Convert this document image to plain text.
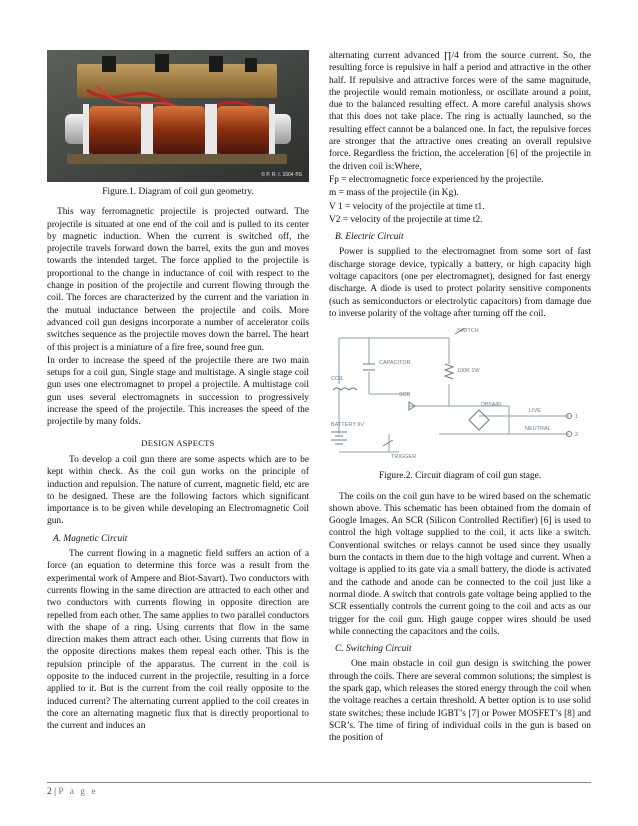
© P. R. I. 1604 ®S
Figure.1. Diagram of coil gun geometry.

This way ferromagnetic projectile is projected outward. The projectile is situated at one end of the coil and is pulled to its center by magnetic induction. When the current is switched off, the projectile travels forward down the barrel, exits the gun and moves towards the intended target. The force applied to the projectile is proportional to the change in inductance of coil with respect to the change in position of the projectile and current flowing through the coil. The forces are characterized by the current and the variation in the mutual inductance between the projectile and coils. More advanced coil gun designs incorporate a number of accelerator coils switches sequence as the projectile moves down the barrel. The heart of this project is a miniature of a fire free, sound free gun.

In order to increase the speed of the projectile there are two main setups for a coil gun, Single stage and multistage. A single stage coil gun uses one electromagnet to propel a projectile. A multistage coil gun uses several electromagnets in succession to progressively increase the speed of the projectile. This increases the speed of the projectile by many folds.

DESIGN ASPECTS

To develop a coil gun there are some aspects which are to be kept within check. As the coil gun works on the principle of induction and repulsion. The nature of current, magnetic field, etc are to be designed. These are the following factors which significant importance is to be given while developing an Electromagnetic Coil gun.

A. Magnetic Circuit

The current flowing in a magnetic field suffers an action of a force (an equation to determine this force was a result from the experimental work of Ampere and Biot-Savart). Two conductors with currents flowing in the same direction are attracted to each other and two conductors with currents flowing in opposite direction are repelled from each other. The same applies to two parallel conductors with the shape of a ring. Using currents that flow in the same direction makes them attract each other. Using currents that flow in the opposite directions makes them repeal each other. This is the repulsion principle of the apparatus. The current in the coil is opposite to the induced current in the projectile, resulting in a force applied to it. But is the current from the coil really opposite to the induced current? The alternating current applied to the coil creates in the core an alternating magnetic flux that is directly proportional to the current and induces an

alternating current advanced ∏/4 from the source current. So, the resulting force is repulsive in half a period and attractive in the other half. If repulsive and attractive forces were of the same magnitude, the projectile would remain motionless, or oscillate around a point, due to the balanced resulting effect. A more careful analysis shows that this does not take place. The ring is actually launched, so the resulting effect cannot be a balanced one. In fact, the repulsive forces are stronger that the attractive ones creating an overall repulsive force. Regardless the friction, the acceleration [6] of the projectile in the driven coil is:Where,

Fp = electromagnetic force experienced by the projectile.

m = mass of the projectile (in Kg).

V 1 = velocity of the projectile at time t1.

V2 = velocity of the projectile at time t2.

B. Electric Circuit

Power is supplied to the electromagnet from some sort of fast discharge storage device, typically a battery, or high capacity high voltage capacitors (one per electromagnet), designed for fast energy discharge. A diode is used to protect polarity sensitive components (such as semiconductors or electrolytic capacitors) from damage due to inverse polarity of the voltage after turning off the coil.

SWITCH
COIL
CAPACITOR
SCR
100K 1W
DB5A80
BATTERY 9V
TRIGGER
LIVE
NEUTRAL
1
2
Figure.2. Circuit diagram of coil gun stage.

The coils on the coil gun have to be wired based on the schematic shown above. This schematic has been obtained from the domain of Google Images. An SCR (Silicon Controlled Rectifier) [6] is used to control the high voltage supplied to the coil, it acts like a switch. Conventional switches or relays cannot be used since they usually burn the contacts in them due to the high voltage and current. When a voltage is applied to its gate via a small battery, the diode is activated and the cathode and anode can be connected to the coil just like a normal diode. A switch that controls gate voltage being applied to the SCR essentially controls the current going to the coil and acts as our trigger for the coil gun. High gauge copper wires should be used while connecting the capacitors and the coils.

C. Switching Circuit

One main obstacle in coil gun design is switching the power through the coils. There are several common solutions; the simplest is the spark gap, which releases the stored energy through the coil when the voltage reaches a certain threshold. A better option is to use solid state switches; these include IGBT’s [7] or Power MOSFET’s [8] and SCR’s. The time of firing of individual coils in the gun is based on the position of

2 | P a g e
